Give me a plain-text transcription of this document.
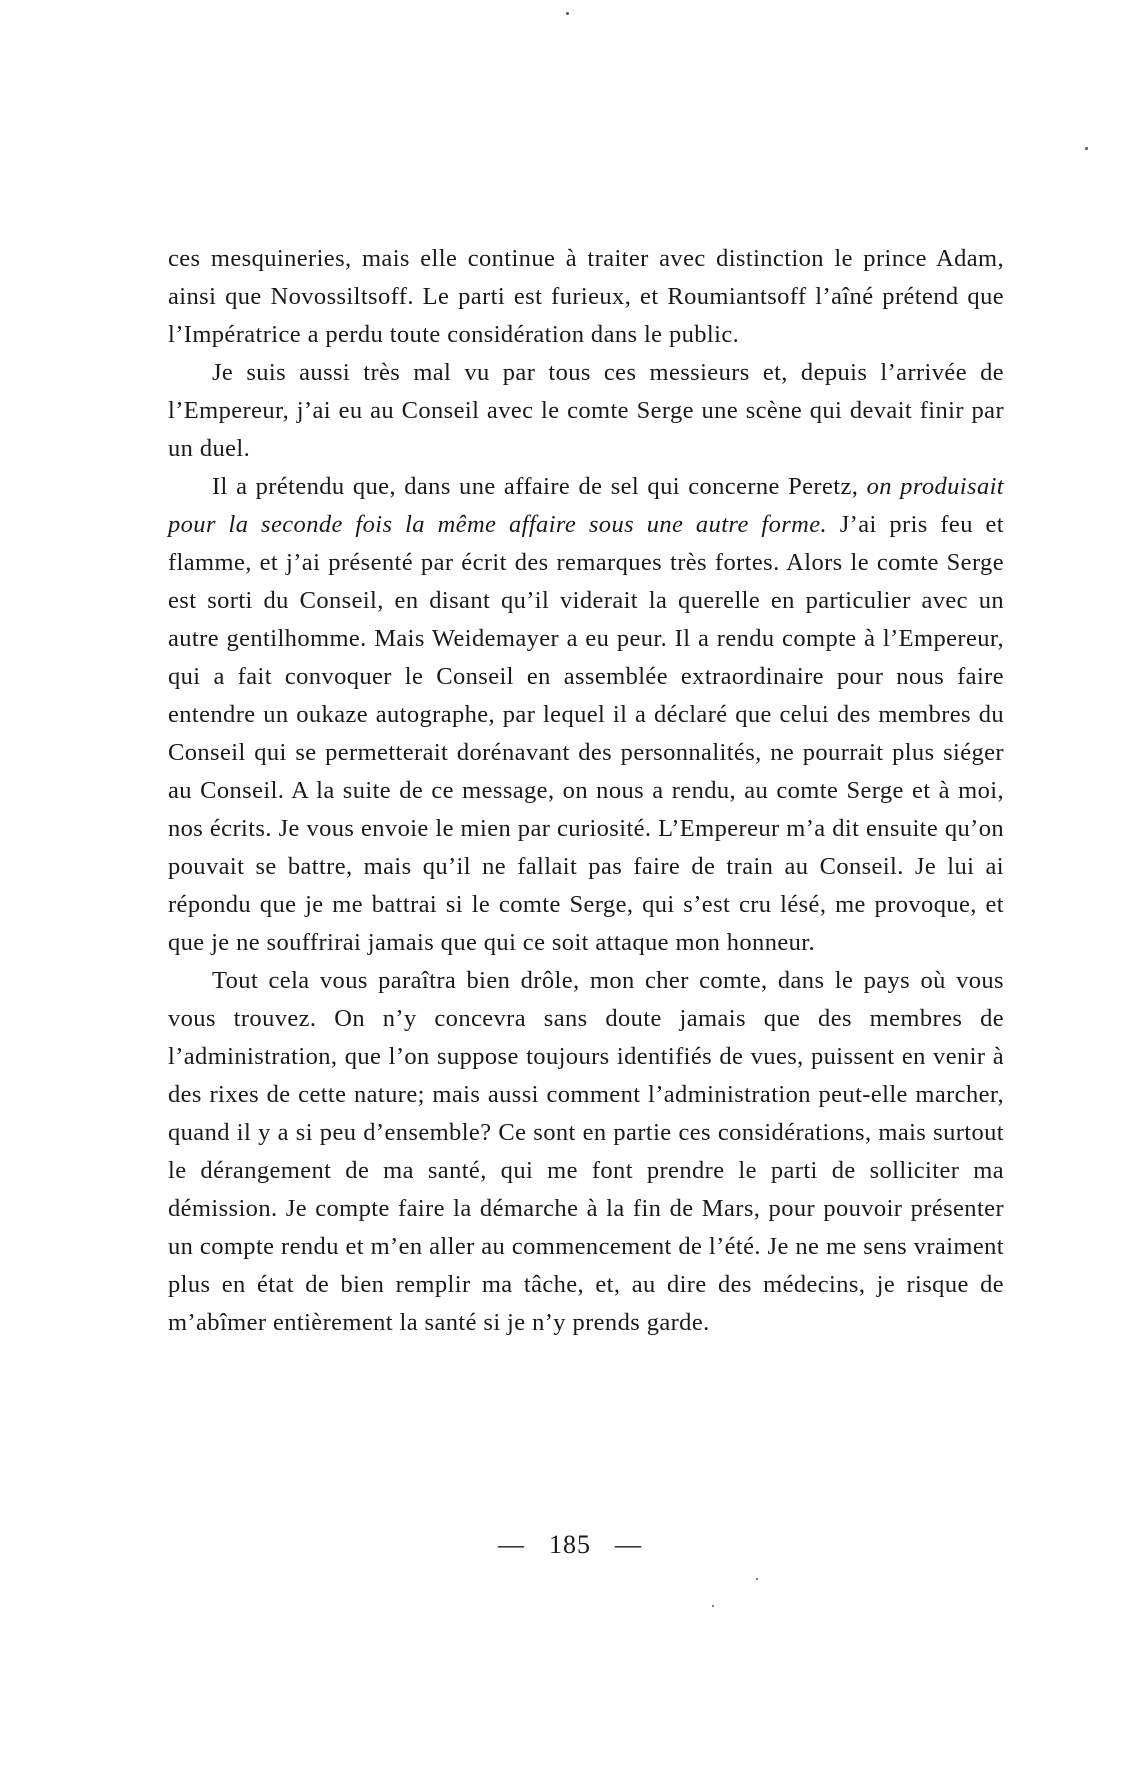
ces mesquineries, mais elle continue à traiter avec distinction le prince Adam, ainsi que Novossiltsoff. Le parti est furieux, et Roumiantsoff l’aîné prétend que l’Impératrice a perdu toute considération dans le public.

Je suis aussi très mal vu par tous ces messieurs et, depuis l’arrivée de l’Empereur, j’ai eu au Conseil avec le comte Serge une scène qui devait finir par un duel.

Il a prétendu que, dans une affaire de sel qui concerne Peretz, on produisait pour la seconde fois la même affaire sous une autre forme. J’ai pris feu et flamme, et j’ai présenté par écrit des remarques très fortes. Alors le comte Serge est sorti du Conseil, en disant qu’il viderait la querelle en particulier avec un autre gentilhomme. Mais Weidemayer a eu peur. Il a rendu compte à l’Empereur, qui a fait convoquer le Conseil en assemblée extraordinaire pour nous faire entendre un oukaze autographe, par lequel il a déclaré que celui des membres du Conseil qui se permetterait dorénavant des personnalités, ne pourrait plus siéger au Conseil. A la suite de ce message, on nous a rendu, au comte Serge et à moi, nos écrits. Je vous envoie le mien par curiosité. L’Empereur m’a dit ensuite qu’on pouvait se battre, mais qu’il ne fallait pas faire de train au Conseil. Je lui ai répondu que je me battrai si le comte Serge, qui s’est cru lésé, me provoque, et que je ne souffrirai jamais que qui ce soit attaque mon honneur.

Tout cela vous paraîtra bien drôle, mon cher comte, dans le pays où vous vous trouvez. On n’y concevra sans doute jamais que des membres de l’administration, que l’on suppose toujours identifiés de vues, puissent en venir à des rixes de cette nature; mais aussi comment l’administration peut-elle marcher, quand il y a si peu d’ensemble? Ce sont en partie ces considérations, mais surtout le dérangement de ma santé, qui me font prendre le parti de solliciter ma démission. Je compte faire la démarche à la fin de Mars, pour pouvoir présenter un compte rendu et m’en aller au commencement de l’été. Je ne me sens vraiment plus en état de bien remplir ma tâche, et, au dire des médecins, je risque de m’abîmer entièrement la santé si je n’y prends garde.

— 185 —
